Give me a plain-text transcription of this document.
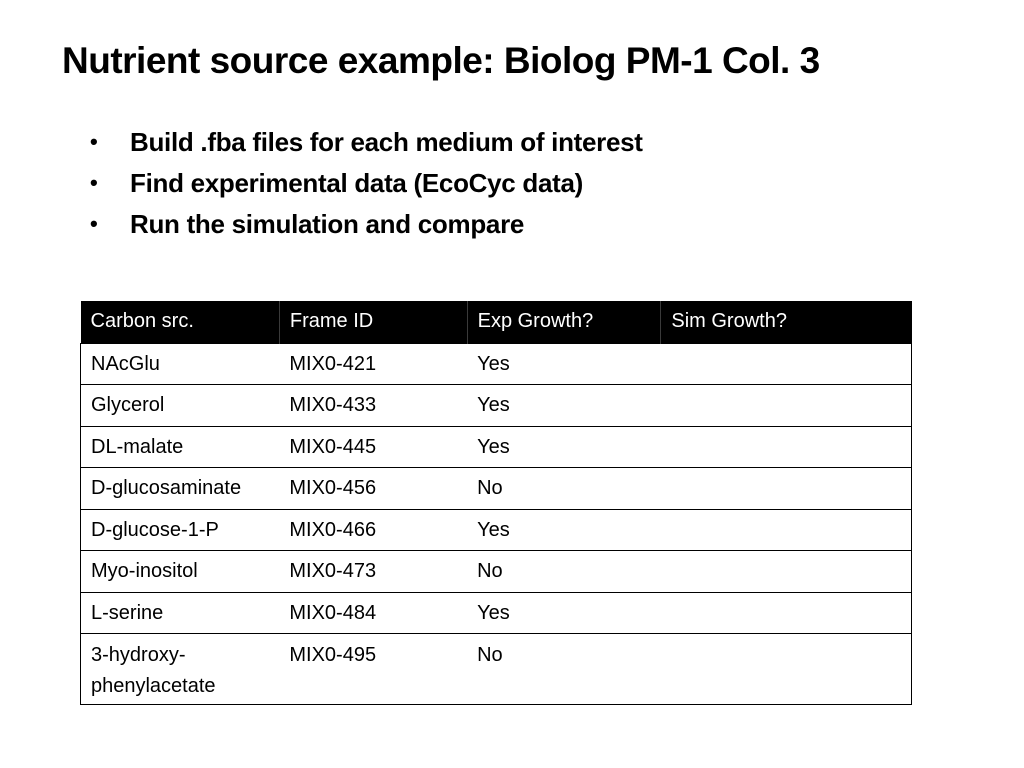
Nutrient source example: Biolog PM-1 Col. 3
• Build .fba files for each medium of interest
• Find experimental data (EcoCyc data)
• Run the simulation and compare
Carbon src.	Frame ID	Exp Growth?	Sim Growth?
NAcGlu	MIX0-421	Yes	
Glycerol	MIX0-433	Yes	
DL-malate	MIX0-445	Yes	
D-glucosaminate	MIX0-456	No	
D-glucose-1-P	MIX0-466	Yes	
Myo-inositol	MIX0-473	No	
L-serine	MIX0-484	Yes	
3-hydroxy-
phenylacetate	MIX0-495	No	
